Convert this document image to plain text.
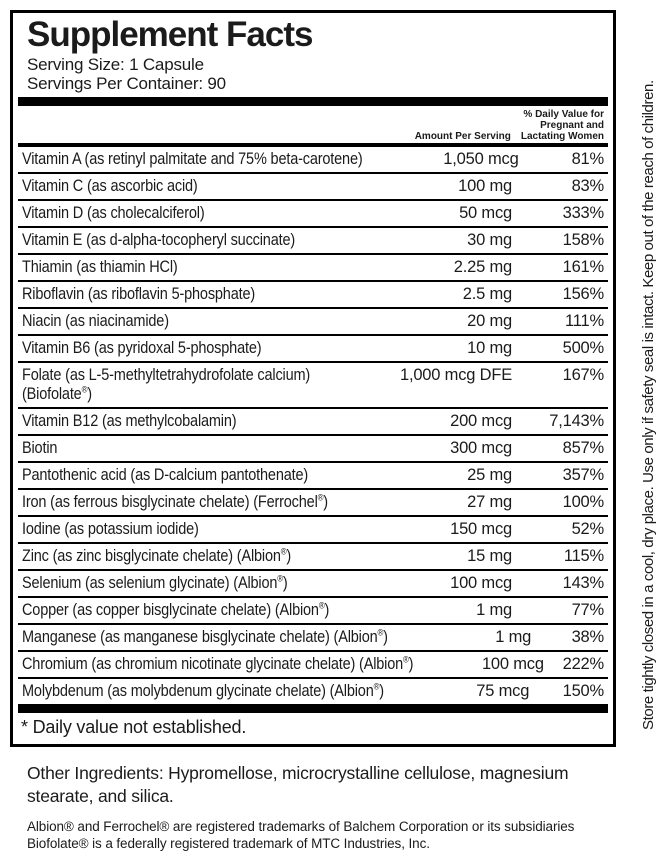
Supplement Facts
Serving Size: 1 Capsule
Servings Per Container: 90
Amount Per Serving
% Daily Value for
Pregnant and
Lactating Women
Vitamin A (as retinyl palmitate and 75% beta-carotene)	1,050 mcg	81%
Vitamin C (as ascorbic acid)	100 mg	83%
Vitamin D (as cholecalciferol)	50 mcg	333%
Vitamin E (as d-alpha-tocopheryl succinate)	30 mg	158%
Thiamin (as thiamin HCl)	2.25 mg	161%
Riboflavin (as riboflavin 5-phosphate)	2.5 mg	156%
Niacin (as niacinamide)	20 mg	111%
Vitamin B6 (as pyridoxal 5-phosphate)	10 mg	500%
Folate (as L-5-methyltetrahydrofolate calcium)
(Biofolate®)
1,000 mcg DFE	167%
Vitamin B12 (as methylcobalamin)	200 mcg	7,143%
Biotin	300 mcg	857%
Pantothenic acid (as D-calcium pantothenate)	25 mg	357%
Iron (as ferrous bisglycinate chelate) (Ferrochel®)	27 mg	100%
Iodine (as potassium iodide)	150 mcg	52%
Zinc (as zinc bisglycinate chelate) (Albion®)	15 mg	115%
Selenium (as selenium glycinate) (Albion®)	100 mcg	143%
Copper (as copper bisglycinate chelate) (Albion®)	1 mg	77%
Manganese (as manganese bisglycinate chelate) (Albion®)	1 mg	38%
Chromium (as chromium nicotinate glycinate chelate) (Albion®)	100 mcg	222%
Molybdenum (as molybdenum glycinate chelate) (Albion®)	75 mcg	150%
* Daily value not established.
Other Ingredients: Hypromellose, microcrystalline cellulose, magnesium stearate, and silica.
Albion® and Ferrochel® are registered trademarks of Balchem Corporation or its subsidiaries
Biofolate® is a federally registered trademark of MTC Industries, Inc.
Store tightly closed in a cool, dry place. Use only if safety seal is intact. Keep out of the reach of children.
